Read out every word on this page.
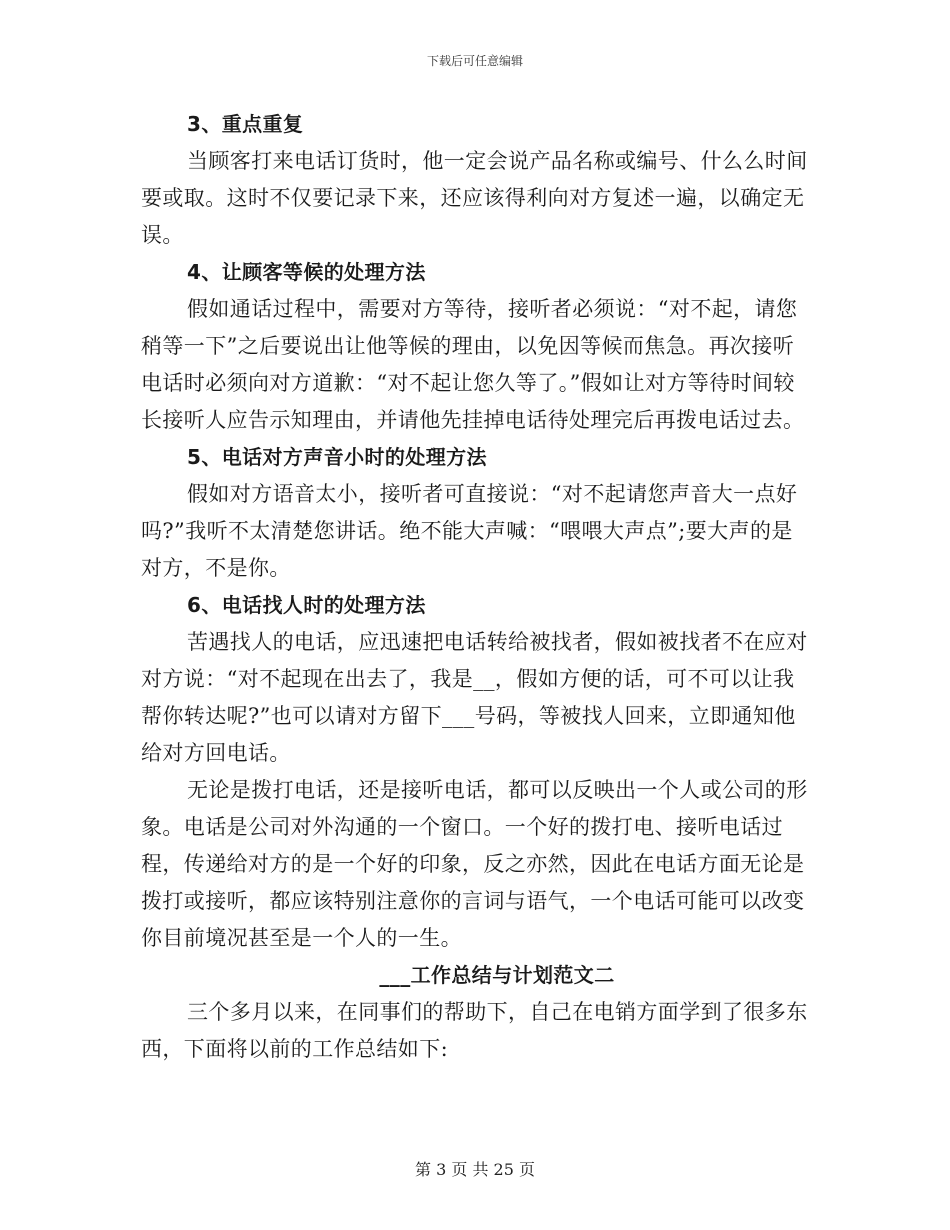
下载后可任意编辑

3、重点重复

当顾客打来电话订货时，他一定会说产品名称或编号、什么么时间要或取。这时不仅要记录下来，还应该得利向对方复述一遍，以确定无误。

4、让顾客等候的处理方法

假如通话过程中，需要对方等待，接听者必须说：“对不起，请您稍等一下”之后要说出让他等候的理由，以免因等候而焦急。再次接听电话时必须向对方道歉：“对不起让您久等了。”假如让对方等待时间较长接听人应告示知理由，并请他先挂掉电话待处理完后再拨电话过去。

5、电话对方声音小时的处理方法

假如对方语音太小，接听者可直接说：“对不起请您声音大一点好吗?”我听不太清楚您讲话。绝不能大声喊：“喂喂大声点”;要大声的是对方，不是你。

6、电话找人时的处理方法

苦遇找人的电话，应迅速把电话转给被找者，假如被找者不在应对对方说：“对不起现在出去了，我是__，假如方便的话，可不可以让我帮你转达呢?”也可以请对方留下___号码，等被找人回来，立即通知他给对方回电话。

无论是拨打电话，还是接听电话，都可以反映出一个人或公司的形象。电话是公司对外沟通的一个窗口。一个好的拨打电、接听电话过程，传递给对方的是一个好的印象，反之亦然，因此在电话方面无论是拨打或接听，都应该特别注意你的言词与语气，一个电话可能可以改变你目前境况甚至是一个人的一生。

___工作总结与计划范文二

三个多月以来，在同事们的帮助下，自己在电销方面学到了很多东西，下面将以前的工作总结如下:

第 3 页 共 25 页
